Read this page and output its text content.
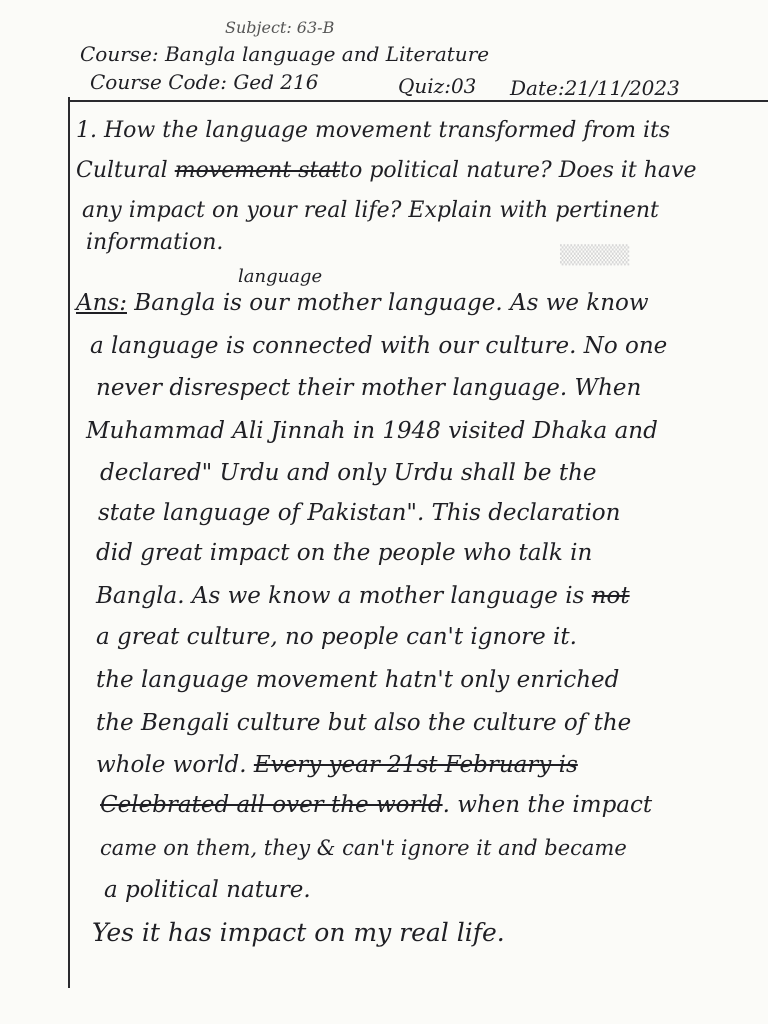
▒▒▒▒▒
Subject: 63-B
Course: Bangla language and Literature
Course Code: Ged 216	Quiz:03 Date:21/11/2023
1. How the language movement transformed from its
Cultural movement statto political nature? Does it have
any impact on your real life? Explain with pertinent
information.
language
Ans: Bangla is our mother language. As we know
a language is connected with our culture. No one
never disrespect their mother language. When
Muhammad Ali Jinnah in 1948 visited Dhaka and
declared" Urdu and only Urdu shall be the
state language of Pakistan". This declaration
did great impact on the people who talk in
Bangla. As we know a mother language is not
a great culture, no people can't ignore it.
the language movement hatn't only enriched
the Bengali culture but also the culture of the
whole world. Every year 21st February is
Celebrated all over the world. when the impact
came on them, they & can't ignore it and became
a political nature.
Yes it has impact on my real life.
